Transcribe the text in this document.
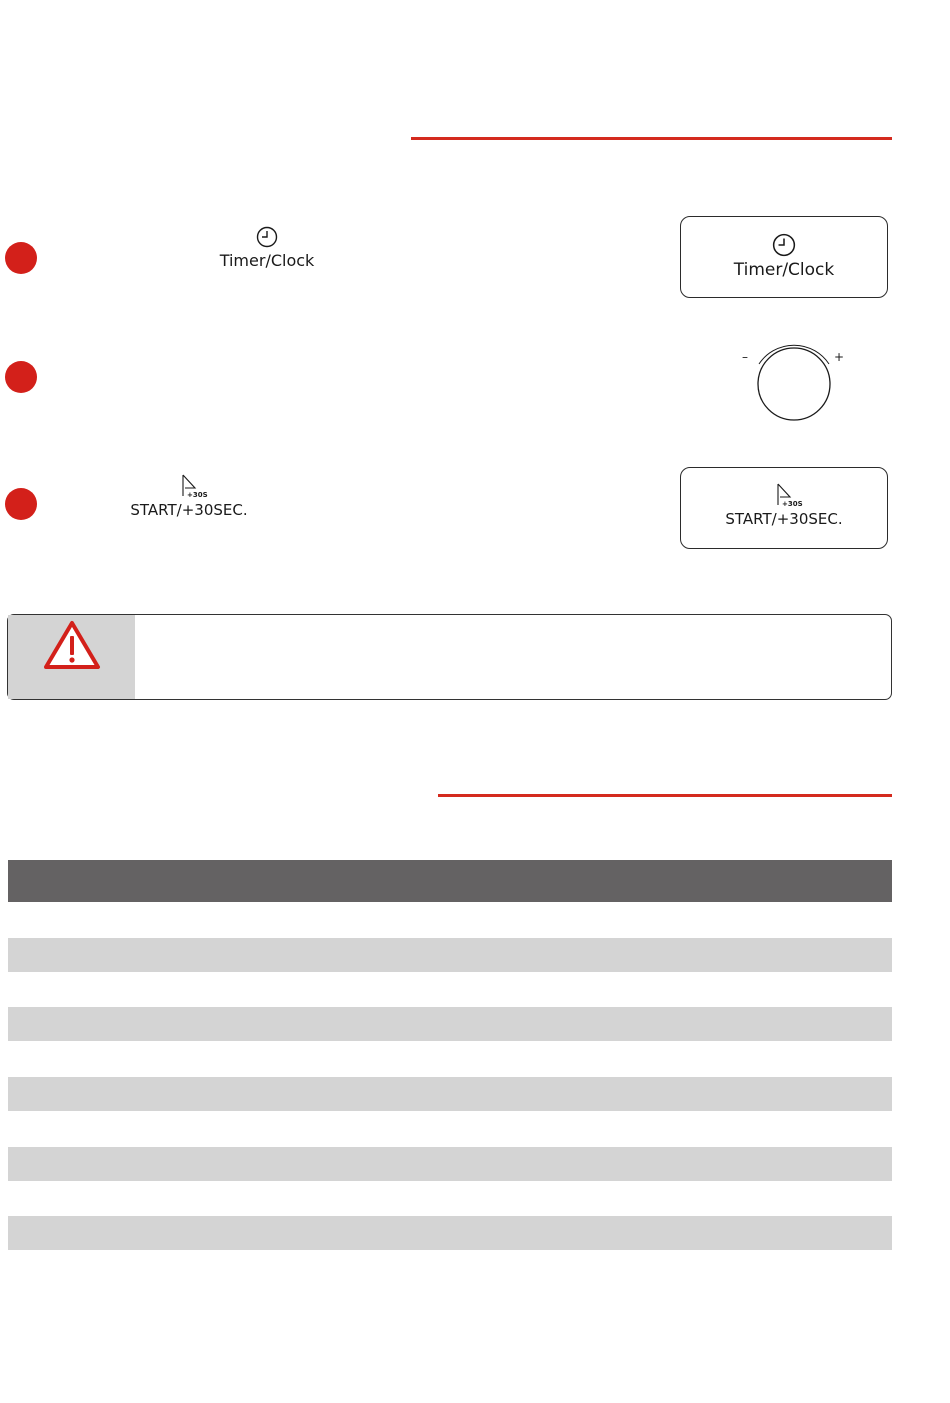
Timer/Clock	Timer/Clock
–	+
+30S
START/+30SEC.	+30S
START/+30SEC.
